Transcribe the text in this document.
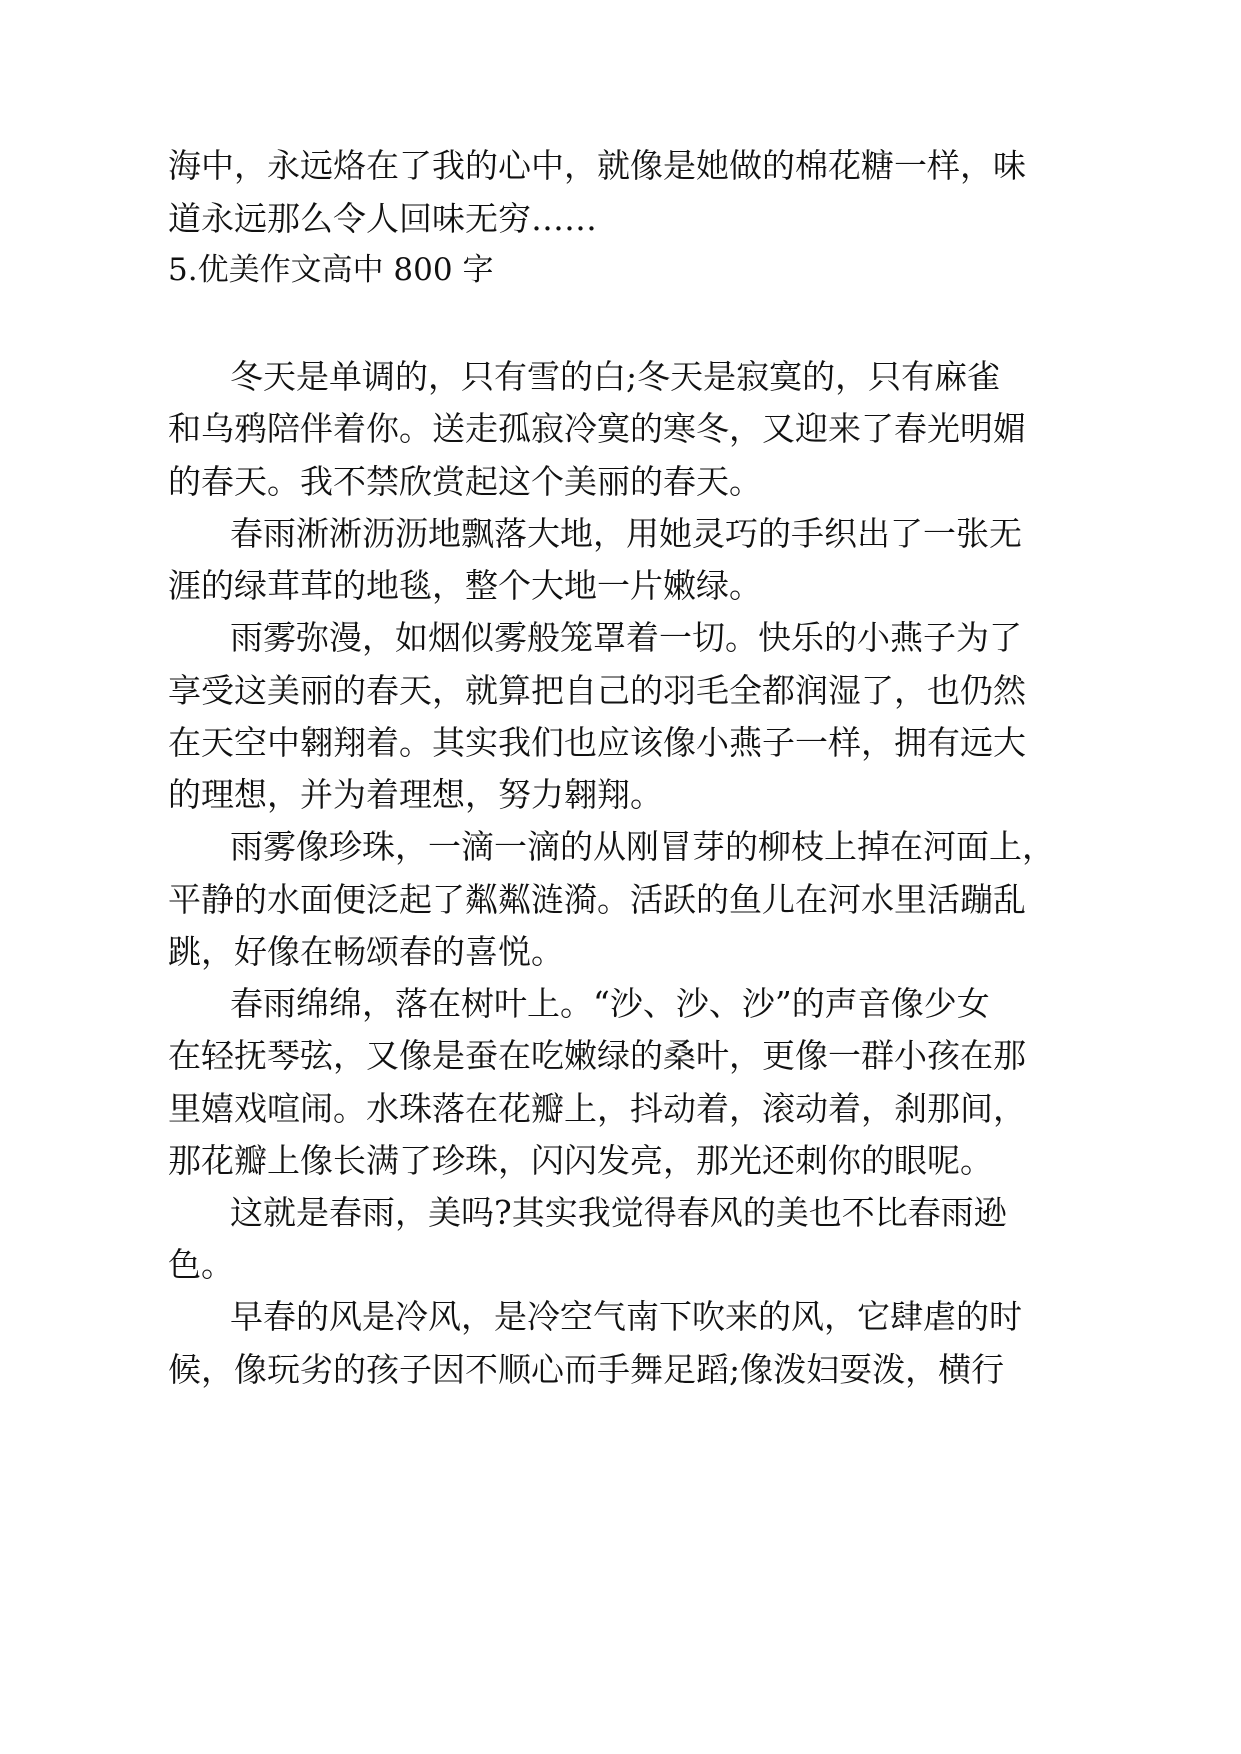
海中，永远烙在了我的心中，就像是她做的棉花糖一样，味
道永远那么令人回味无穷……
5.优美作文高中 800 字
冬天是单调的，只有雪的白;冬天是寂寞的，只有麻雀
和乌鸦陪伴着你。送走孤寂冷寞的寒冬，又迎来了春光明媚
的春天。我不禁欣赏起这个美丽的春天。
春雨淅淅沥沥地飘落大地，用她灵巧的手织出了一张无
涯的绿茸茸的地毯，整个大地一片嫩绿。
雨雾弥漫，如烟似雾般笼罩着一切。快乐的小燕子为了
享受这美丽的春天，就算把自己的羽毛全都润湿了，也仍然
在天空中翱翔着。其实我们也应该像小燕子一样，拥有远大
的理想，并为着理想，努力翱翔。
雨雾像珍珠，一滴一滴的从刚冒芽的柳枝上掉在河面上，
平静的水面便泛起了粼粼涟漪。活跃的鱼儿在河水里活蹦乱
跳，好像在畅颂春的喜悦。
春雨绵绵，落在树叶上。“沙、沙、沙”的声音像少女
在轻抚琴弦，又像是蚕在吃嫩绿的桑叶，更像一群小孩在那
里嬉戏喧闹。水珠落在花瓣上，抖动着，滚动着，刹那间，
那花瓣上像长满了珍珠，闪闪发亮，那光还刺你的眼呢。
这就是春雨，美吗?其实我觉得春风的美也不比春雨逊
色。
早春的风是冷风，是冷空气南下吹来的风，它肆虐的时
候，像玩劣的孩子因不顺心而手舞足蹈;像泼妇耍泼，横行
